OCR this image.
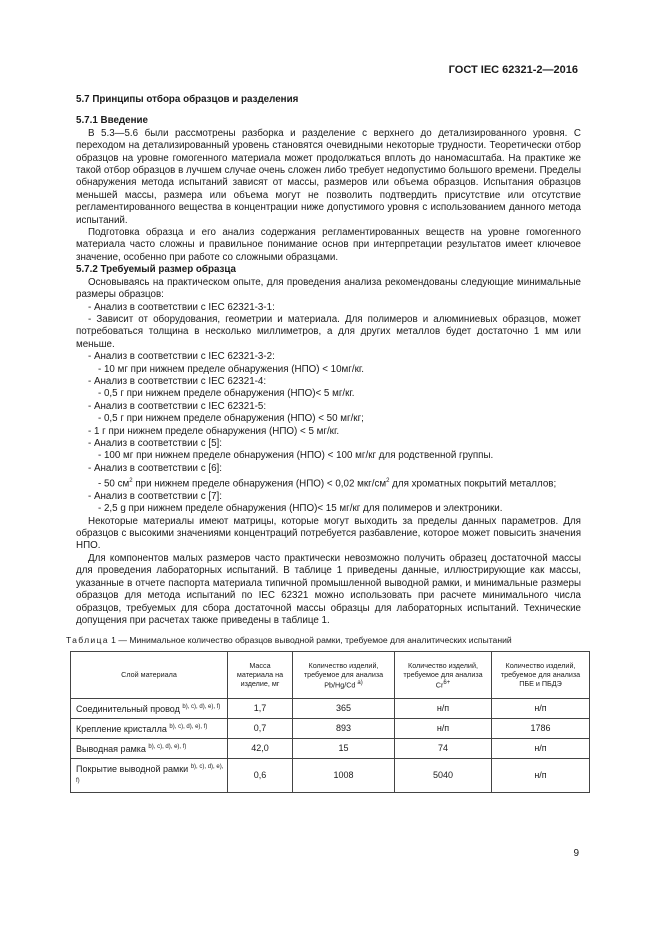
ГОСТ IEC 62321-2—2016

5.7 Принципы отбора образцов и разделения

5.7.1 Введение

В 5.3—5.6 были рассмотрены разборка и разделение с верхнего до детализированного уровня. С переходом на детализированный уровень становятся очевидными некоторые трудности. Теоретически отбор образцов на уровне гомогенного материала может продолжаться вплоть до наномасштаба. На практике же такой отбор образцов в лучшем случае очень сложен либо требует недопустимо большого времени. Пределы обнаружения метода испытаний зависят от массы, размеров или объема образцов. Испытания образцов меньшей массы, размера или объема могут не позволить подтвердить присутствие или отсутствие регламентированного вещества в концентрации ниже допустимого уровня с использованием данного метода испытаний.

Подготовка образца и его анализ содержания регламентированных веществ на уровне гомогенного материала часто сложны и правильное понимание основ при интерпретации результатов имеет ключевое значение, особенно при работе со сложными образцами.

5.7.2 Требуемый размер образца

Основываясь на практическом опыте, для проведения анализа рекомендованы следующие минимальные размеры образцов:

- Анализ в соответствии с IEC 62321-3-1:

- Зависит от оборудования, геометрии и материала. Для полимеров и алюминиевых образцов, может потребоваться толщина в несколько миллиметров, а для других металлов будет достаточно 1 мм или меньше.

- Анализ в соответствии с IEC 62321-3-2:

- 10 мг при нижнем пределе обнаружения (НПО) < 10мг/кг.

- Анализ в соответствии с IEC 62321-4:

- 0,5 г при нижнем пределе обнаружения (НПО)< 5 мг/кг.

- Анализ в соответствии с IEC 62321-5:

- 0,5 г при нижнем пределе обнаружения (НПО) < 50 мг/кг;

- 1 г при нижнем пределе обнаружения (НПО) < 5 мг/кг.

- Анализ в соответствии с [5]:

- 100 мг при нижнем пределе обнаружения (НПО) < 100 мг/кг для родственной группы.

- Анализ в соответствии с [6]:

- 50 $см^2$ при нижнем пределе обнаружения (НПО) < 0,02 мкг/$см^2$ для хроматных покрытий металлов;

- Анализ в соответствии с [7]:

- 2,5 g при нижнем пределе обнаружения (НПО)< 15 мг/кг для полимеров и электроники.

Некоторые материалы имеют матрицы, которые могут выходить за пределы данных параметров. Для образцов с высокими значениями концентраций потребуется разбавление, которое может повысить значения НПО.

Для компонентов малых размеров часто практически невозможно получить образец достаточной массы для проведения лабораторных испытаний. В таблице 1 приведены данные, иллюстрирующие как массы, указанные в отчете паспорта материала типичной промышленной выводной рамки, и минимальные размеры образцов для метода испытаний по IEC 62321 можно использовать при расчете минимального числа образцов, требуемых для сбора достаточной массы образцы для лабораторных испытаний. Технические допущения при расчетах также приведены в таблице 1.

Таблица 1 — Минимальное количество образцов выводной рамки, требуемое для аналитических испытаний
Слой материала	Масса материала на изделие, мг	Количество изделий, требуемое для анализа Pb/Hg/Cd $^{a)}$	Количество изделий, требуемое для анализа $Cr^{6+}$	Количество изделий, требуемое для анализа ПБЕ и ПБДЭ
Соединительный провод $^{b), c), d), e), f)}$	1,7	365	н/п	н/п
Крепление кристалла $^{b), c), d), e), f)}$	0,7	893	н/п	1786
Выводная рамка $^{b), c), d), e), f)}$	42,0	15	74	н/п
Покрытие выводной рамки $^{b), c), d), e), f)}$	0,6	1008	5040	н/п
9
